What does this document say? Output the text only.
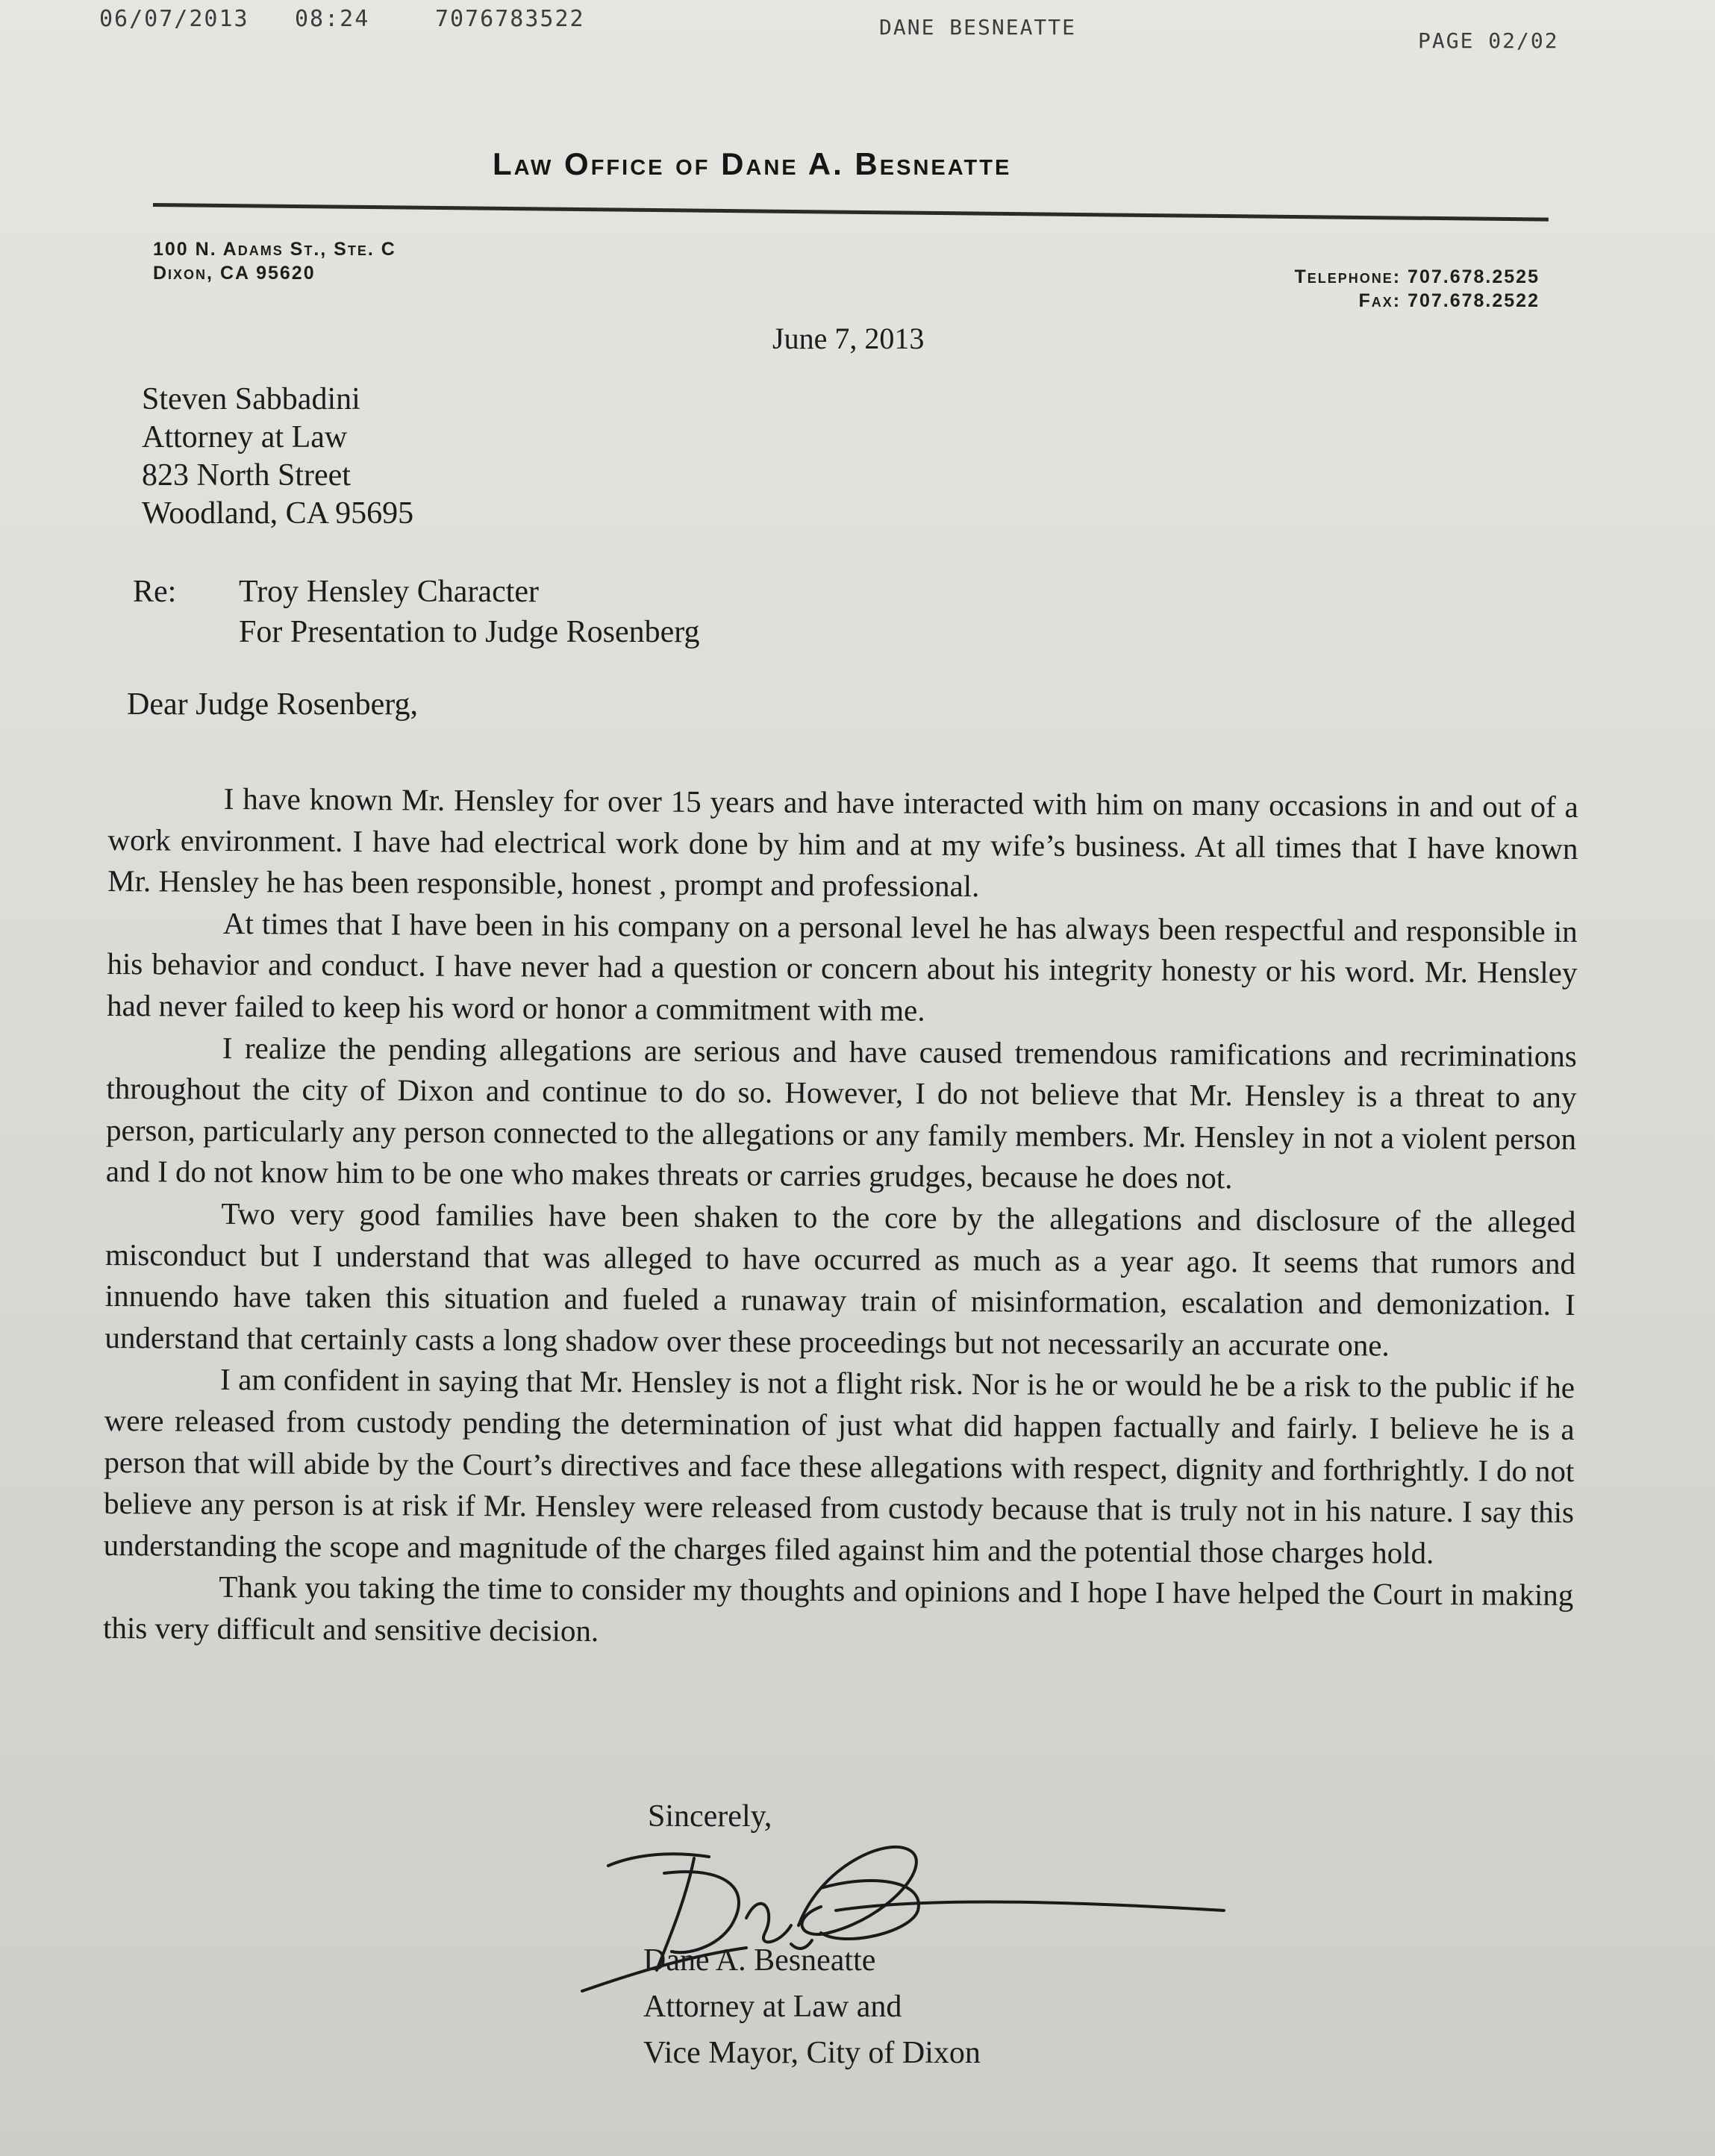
06/07/2013 08:24	7076783522	DANE BESNEATTE
PAGE 02/02
Law Office of Dane A. Besneatte
100 N. Adams St., Ste. C
Dixon, CA 95620	Telephone: 707.678.2525
Fax: 707.678.2522
June 7, 2013
Steven Sabbadini
Attorney at Law
823 North Street
Woodland, CA 95695
Re: Troy Hensley Character
For Presentation to Judge Rosenberg
Dear Judge Rosenberg,

I have known Mr. Hensley for over 15 years and have interacted with him on many occasions in and out of a work environment. I have had electrical work done by him and at my wife’s business. At all times that I have known Mr. Hensley he has been responsible, honest , prompt and professional.

At times that I have been in his company on a personal level he has always been respectful and responsible in his behavior and conduct. I have never had a question or concern about his integrity honesty or his word. Mr. Hensley had never failed to keep his word or honor a commitment with me.

I realize the pending allegations are serious and have caused tremendous ramifications and recriminations throughout the city of Dixon and continue to do so. However, I do not believe that Mr. Hensley is a threat to any person, particularly any person connected to the allegations or any family members. Mr. Hensley in not a violent person and I do not know him to be one who makes threats or carries grudges, because he does not.

Two very good families have been shaken to the core by the allegations and disclosure of the alleged misconduct but I understand that was alleged to have occurred as much as a year ago. It seems that rumors and innuendo have taken this situation and fueled a runaway train of misinformation, escalation and demonization. I understand that certainly casts a long shadow over these proceedings but not necessarily an accurate one.

I am confident in saying that Mr. Hensley is not a flight risk. Nor is he or would he be a risk to the public if he were released from custody pending the determination of just what did happen factually and fairly. I believe he is a person that will abide by the Court’s directives and face these allegations with respect, dignity and forthrightly. I do not believe any person is at risk if Mr. Hensley were released from custody because that is truly not in his nature. I say this understanding the scope and magnitude of the charges filed against him and the potential those charges hold.

Thank you taking the time to consider my thoughts and opinions and I hope I have helped the Court in making this very difficult and sensitive decision.

Sincerely,
Dane A. Besneatte
Attorney at Law and
Vice Mayor, City of Dixon
